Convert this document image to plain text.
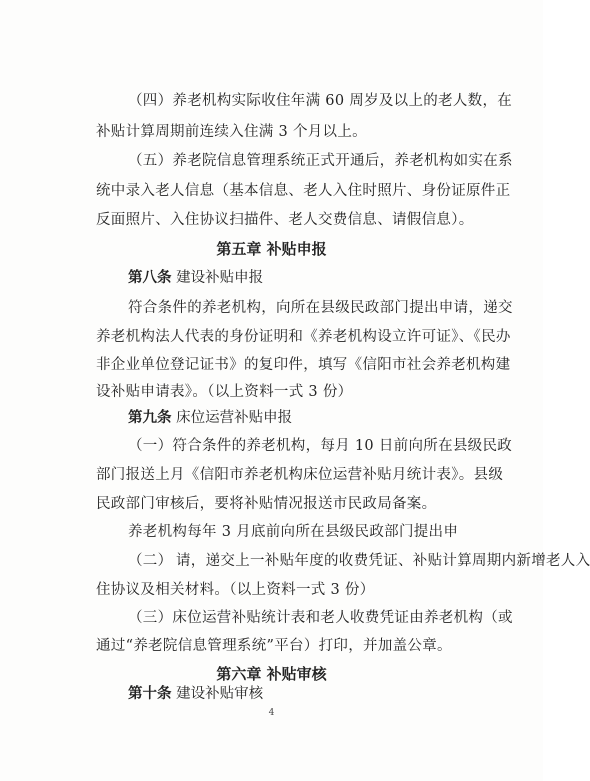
（四）养老机构实际收住年满 60 周岁及以上的老人数，在
补贴计算周期前连续入住满 3 个月以上。
（五）养老院信息管理系统正式开通后，养老机构如实在系
统中录入老人信息（基本信息、老人入住时照片、身份证原件正
反面照片、入住协议扫描件、老人交费信息、请假信息）。
第五章 补贴申报
第八条 建设补贴申报
符合条件的养老机构，向所在县级民政部门提出申请，递交
养老机构法人代表的身份证明和《养老机构设立许可证》、《民办
非企业单位登记证书》的复印件，填写《信阳市社会养老机构建
设补贴申请表》。（以上资料一式 3 份）
第九条 床位运营补贴申报
（一）符合条件的养老机构，每月 10 日前向所在县级民政
部门报送上月《信阳市养老机构床位运营补贴月统计表》。县级
民政部门审核后，要将补贴情况报送市民政局备案。
养老机构每年 3 月底前向所在县级民政部门提出申
（二） 请，递交上一补贴年度的收费凭证、补贴计算周期内新增老人入
住协议及相关材料。（以上资料一式 3 份）
（三）床位运营补贴统计表和老人收费凭证由养老机构（或
通过“养老院信息管理系统”平台）打印，并加盖公章。
第六章 补贴审核
第十条 建设补贴审核
4
